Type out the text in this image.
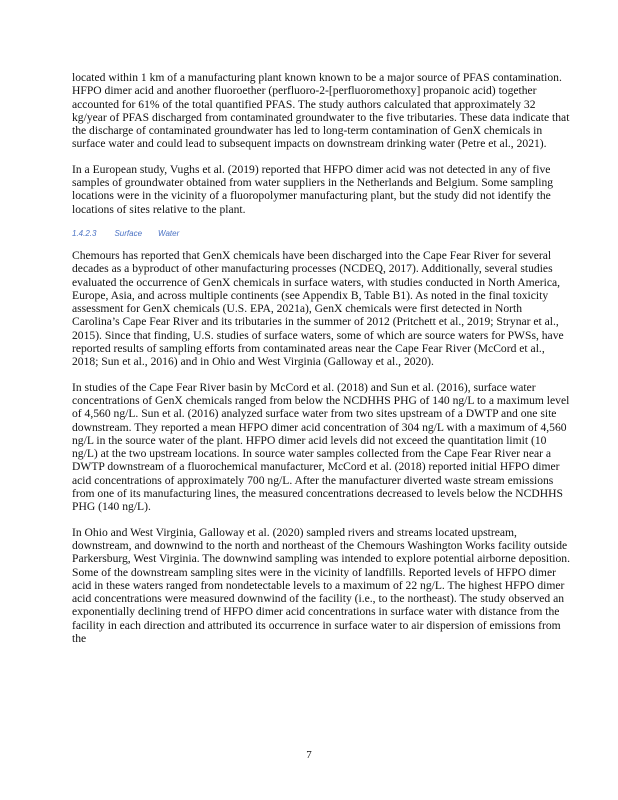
located within 1 km of a manufacturing plant known known to be a major source of PFAS contamination. HFPO dimer acid and another fluoroether (perfluoro-2-[perfluoromethoxy] propanoic acid) together accounted for 61% of the total quantified PFAS. The study authors calculated that approximately 32 kg/year of PFAS discharged from contaminated groundwater to the five tributaries. These data indicate that the discharge of contaminated groundwater has led to long-term contamination of GenX chemicals in surface water and could lead to subsequent impacts on downstream drinking water (Petre et al., 2021).

In a European study, Vughs et al. (2019) reported that HFPO dimer acid was not detected in any of five samples of groundwater obtained from water suppliers in the Netherlands and Belgium. Some sampling locations were in the vicinity of a fluoropolymer manufacturing plant, but the study did not identify the locations of sites relative to the plant.

1.4.2.3 Surface Water

Chemours has reported that GenX chemicals have been discharged into the Cape Fear River for several decades as a byproduct of other manufacturing processes (NCDEQ, 2017). Additionally, several studies evaluated the occurrence of GenX chemicals in surface waters, with studies conducted in North America, Europe, Asia, and across multiple continents (see Appendix B, Table B1). As noted in the final toxicity assessment for GenX chemicals (U.S. EPA, 2021a), GenX chemicals were first detected in North Carolina’s Cape Fear River and its tributaries in the summer of 2012 (Pritchett et al., 2019; Strynar et al., 2015). Since that finding, U.S. studies of surface waters, some of which are source waters for PWSs, have reported results of sampling efforts from contaminated areas near the Cape Fear River (McCord et al., 2018; Sun et al., 2016) and in Ohio and West Virginia (Galloway et al., 2020).

In studies of the Cape Fear River basin by McCord et al. (2018) and Sun et al. (2016), surface water concentrations of GenX chemicals ranged from below the NCDHHS PHG of 140 ng/L to a maximum level of 4,560 ng/L. Sun et al. (2016) analyzed surface water from two sites upstream of a DWTP and one site downstream. They reported a mean HFPO dimer acid concentration of 304 ng/L with a maximum of 4,560 ng/L in the source water of the plant. HFPO dimer acid levels did not exceed the quantitation limit (10 ng/L) at the two upstream locations. In source water samples collected from the Cape Fear River near a DWTP downstream of a fluorochemical manufacturer, McCord et al. (2018) reported initial HFPO dimer acid concentrations of approximately 700 ng/L. After the manufacturer diverted waste stream emissions from one of its manufacturing lines, the measured concentrations decreased to levels below the NCDHHS PHG (140 ng/L).

In Ohio and West Virginia, Galloway et al. (2020) sampled rivers and streams located upstream, downstream, and downwind to the north and northeast of the Chemours Washington Works facility outside Parkersburg, West Virginia. The downwind sampling was intended to explore potential airborne deposition. Some of the downstream sampling sites were in the vicinity of landfills. Reported levels of HFPO dimer acid in these waters ranged from nondetectable levels to a maximum of 22 ng/L. The highest HFPO dimer acid concentrations were measured downwind of the facility (i.e., to the northeast). The study observed an exponentially declining trend of HFPO dimer acid concentrations in surface water with distance from the facility in each direction and attributed its occurrence in surface water to air dispersion of emissions from the

7
